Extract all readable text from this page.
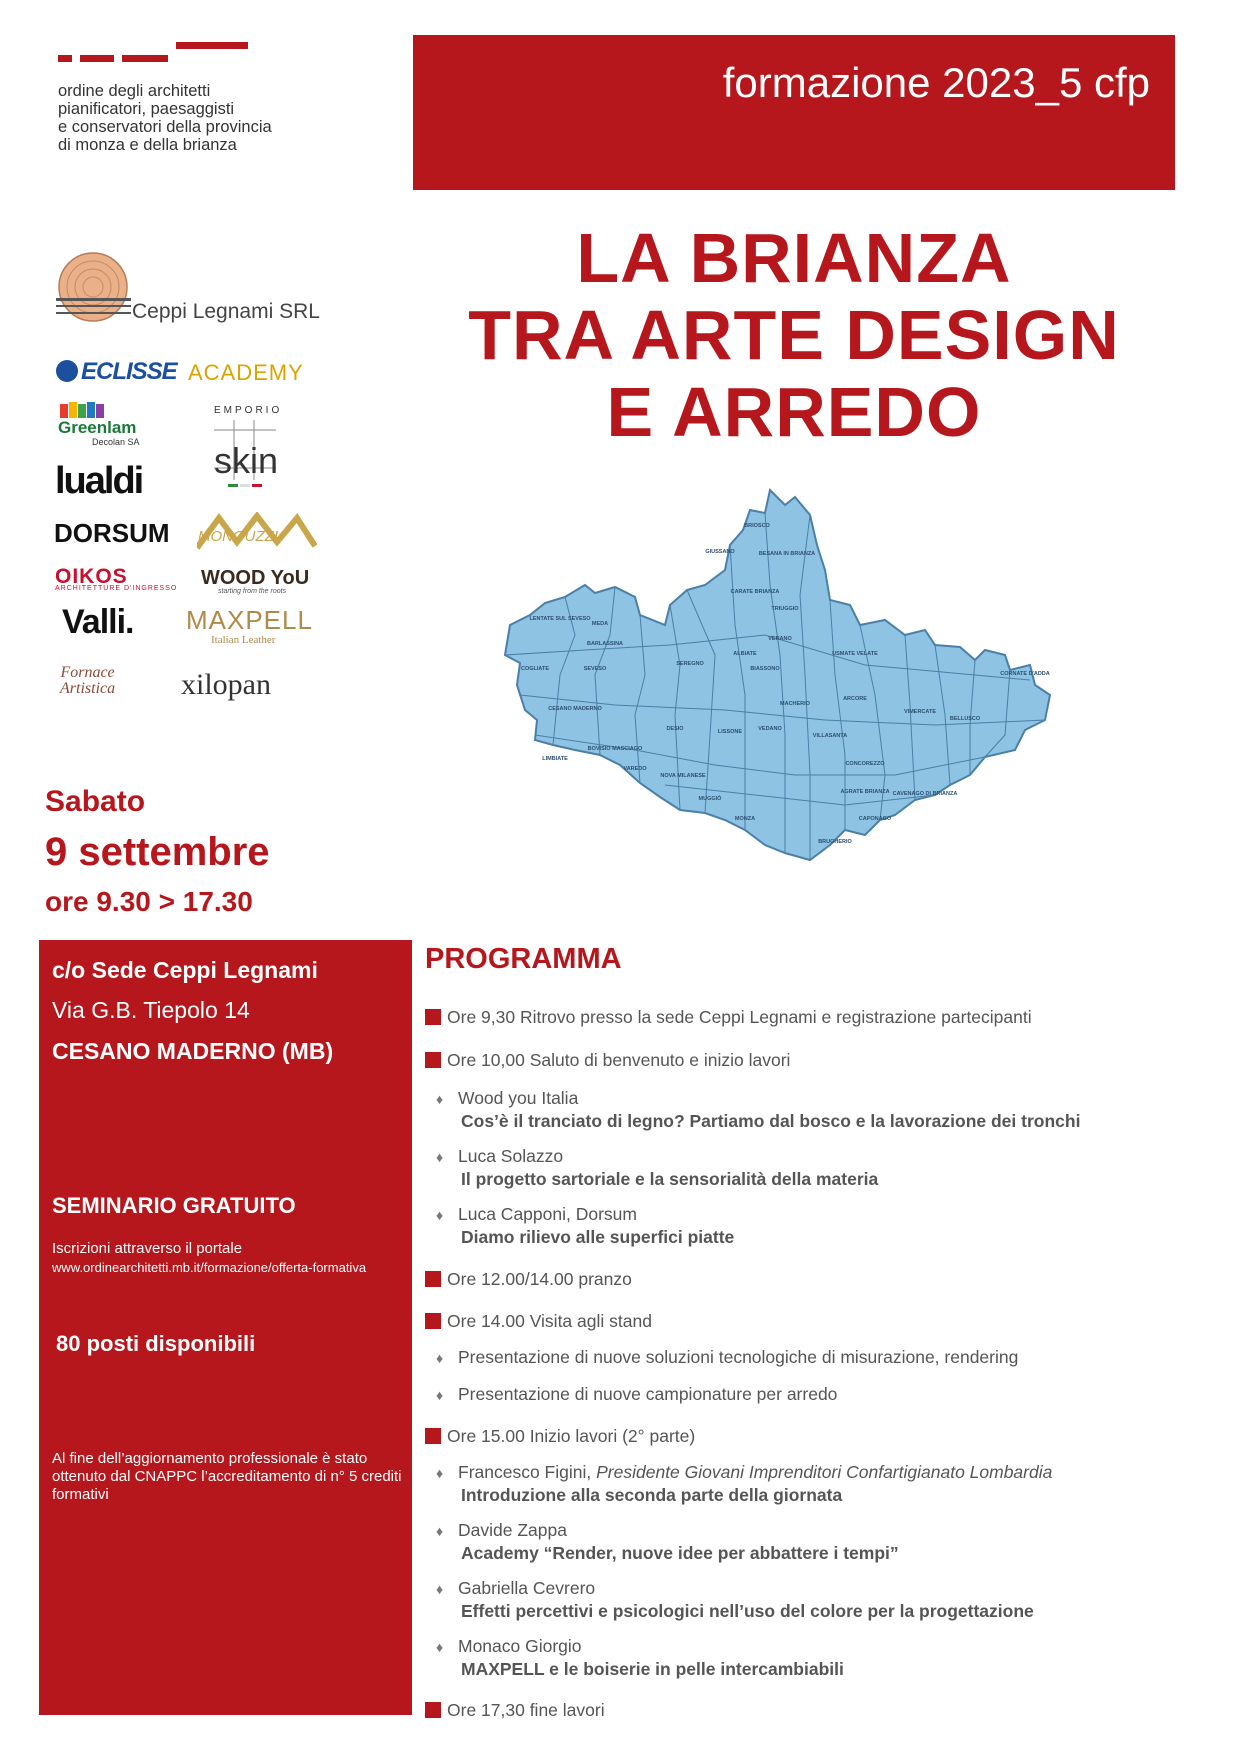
ordine degli architetti
pianificatori, paesaggisti
e conservatori della provincia
di monza e della brianza
formazione 2023_5 cfp
LA BRIANZA
TRA ARTE DESIGN
E ARREDO
Ceppi Legnami SRL
ECLISSE ACADEMY
Greenlam
Decolan SA
EMPORIO
skin
lualdi
DORSUM MONGUZZI
OIKOS
ARCHITETTURE D'INGRESSO WOOD YoU
starting from the roots
Valli. MAXPELL
Italian Leather
Fornace
Artistica xilopan
BRIOSCO
BESANA IN BRIANZA
GIUSSANO
CARATE BRIANZA
TRIUGGIO
VERANO
LENTATE SUL SEVESO
MEDA
BARLASSINA
SEVESO
COGLIATE
SEREGNO
ALBIATE	USMATE VELATE
CORNATE D'ADDA
BIASSONO
ARCORE
VIMERCATE
BELLUSCO
MACHERIO
CESANO MADERNO
DESIO	LISSONE	VEDANO
VILLASANTA
CONCOREZZO
BOVISIO MASCIAGO
LIMBIATE
VAREDO
NOVA MILANESE
MUGGIÒ
MONZA
AGRATE BRIANZA CAVENAGO DI BRIANZA
CAPONAGO
BRUGHERIO
Sabato
9 settembre
ore 9.30 > 17.30
c/o Sede Ceppi Legnami
Via G.B. Tiepolo 14
CESANO MADERNO (MB)
SEMINARIO GRATUITO
Iscrizioni attraverso il portale
www.ordinearchitetti.mb.it/formazione/offerta-formativa
80 posti disponibili
Al fine dell’aggiornamento professionale è stato ottenuto dal CNAPPC l’accreditamento di n° 5 crediti formativi
PROGRAMMA
Ore 9,30 Ritrovo presso la sede Ceppi Legnami e registrazione partecipanti
Ore 10,00 Saluto di benvenuto e inizio lavori
♦ Wood you Italia
Cos’è il tranciato di legno? Partiamo dal bosco e la lavorazione dei tronchi
♦ Luca Solazzo
Il progetto sartoriale e la sensorialità della materia
♦ Luca Capponi, Dorsum
Diamo rilievo alle superfici piatte
Ore 12.00/14.00 pranzo
Ore 14.00 Visita agli stand
♦ Presentazione di nuove soluzioni tecnologiche di misurazione, rendering
♦ Presentazione di nuove campionature per arredo
Ore 15.00 Inizio lavori (2° parte)
♦ Francesco Figini, Presidente Giovani Imprenditori Confartigianato Lombardia
Introduzione alla seconda parte della giornata
♦ Davide Zappa
Academy “Render, nuove idee per abbattere i tempi”
♦ Gabriella Cevrero
Effetti percettivi e psicologici nell’uso del colore per la progettazione
♦ Monaco Giorgio
MAXPELL e le boiserie in pelle intercambiabili
Ore 17,30 fine lavori
